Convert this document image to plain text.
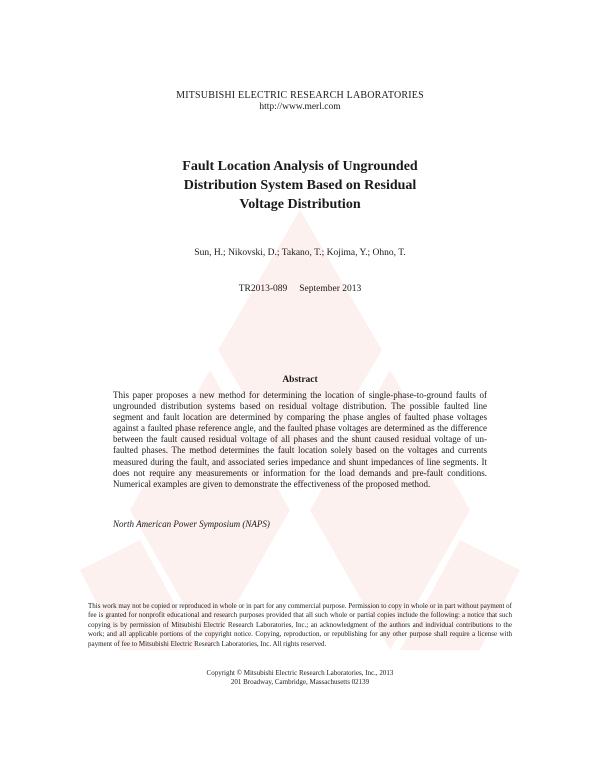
MITSUBISHI ELECTRIC RESEARCH LABORATORIES
http://www.merl.com
Fault Location Analysis of Ungrounded
Distribution System Based on Residual
Voltage Distribution
Sun, H.; Nikovski, D.; Takano, T.; Kojima, Y.; Ohno, T.
TR2013-089 September 2013
Abstract
This paper proposes a new method for determining the location of single-phase-to-ground faults of ungrounded distribution systems based on residual voltage distribution. The possible faulted line segment and fault location are determined by comparing the phase angles of faulted phase voltages against a faulted phase reference angle, and the faulted phase voltages are determined as the difference between the fault caused residual voltage of all phases and the shunt caused residual voltage of un-faulted phases. The method determines the fault location solely based on the voltages and currents measured during the fault, and associated series impedance and shunt impedances of line segments. It does not require any measurements or information for the load demands and pre-fault conditions. Numerical examples are given to demonstrate the effectiveness of the proposed method.
North American Power Symposium (NAPS)
This work may not be copied or reproduced in whole or in part for any commercial purpose. Permission to copy in whole or in part without payment of fee is granted for nonprofit educational and research purposes provided that all such whole or partial copies include the following: a notice that such copying is by permission of Mitsubishi Electric Research Laboratories, Inc.; an acknowledgment of the authors and individual contributions to the work; and all applicable portions of the copyright notice. Copying, reproduction, or republishing for any other purpose shall require a license with payment of fee to Mitsubishi Electric Research Laboratories, Inc. All rights reserved.
Copyright © Mitsubishi Electric Research Laboratories, Inc., 2013
201 Broadway, Cambridge, Massachusetts 02139
